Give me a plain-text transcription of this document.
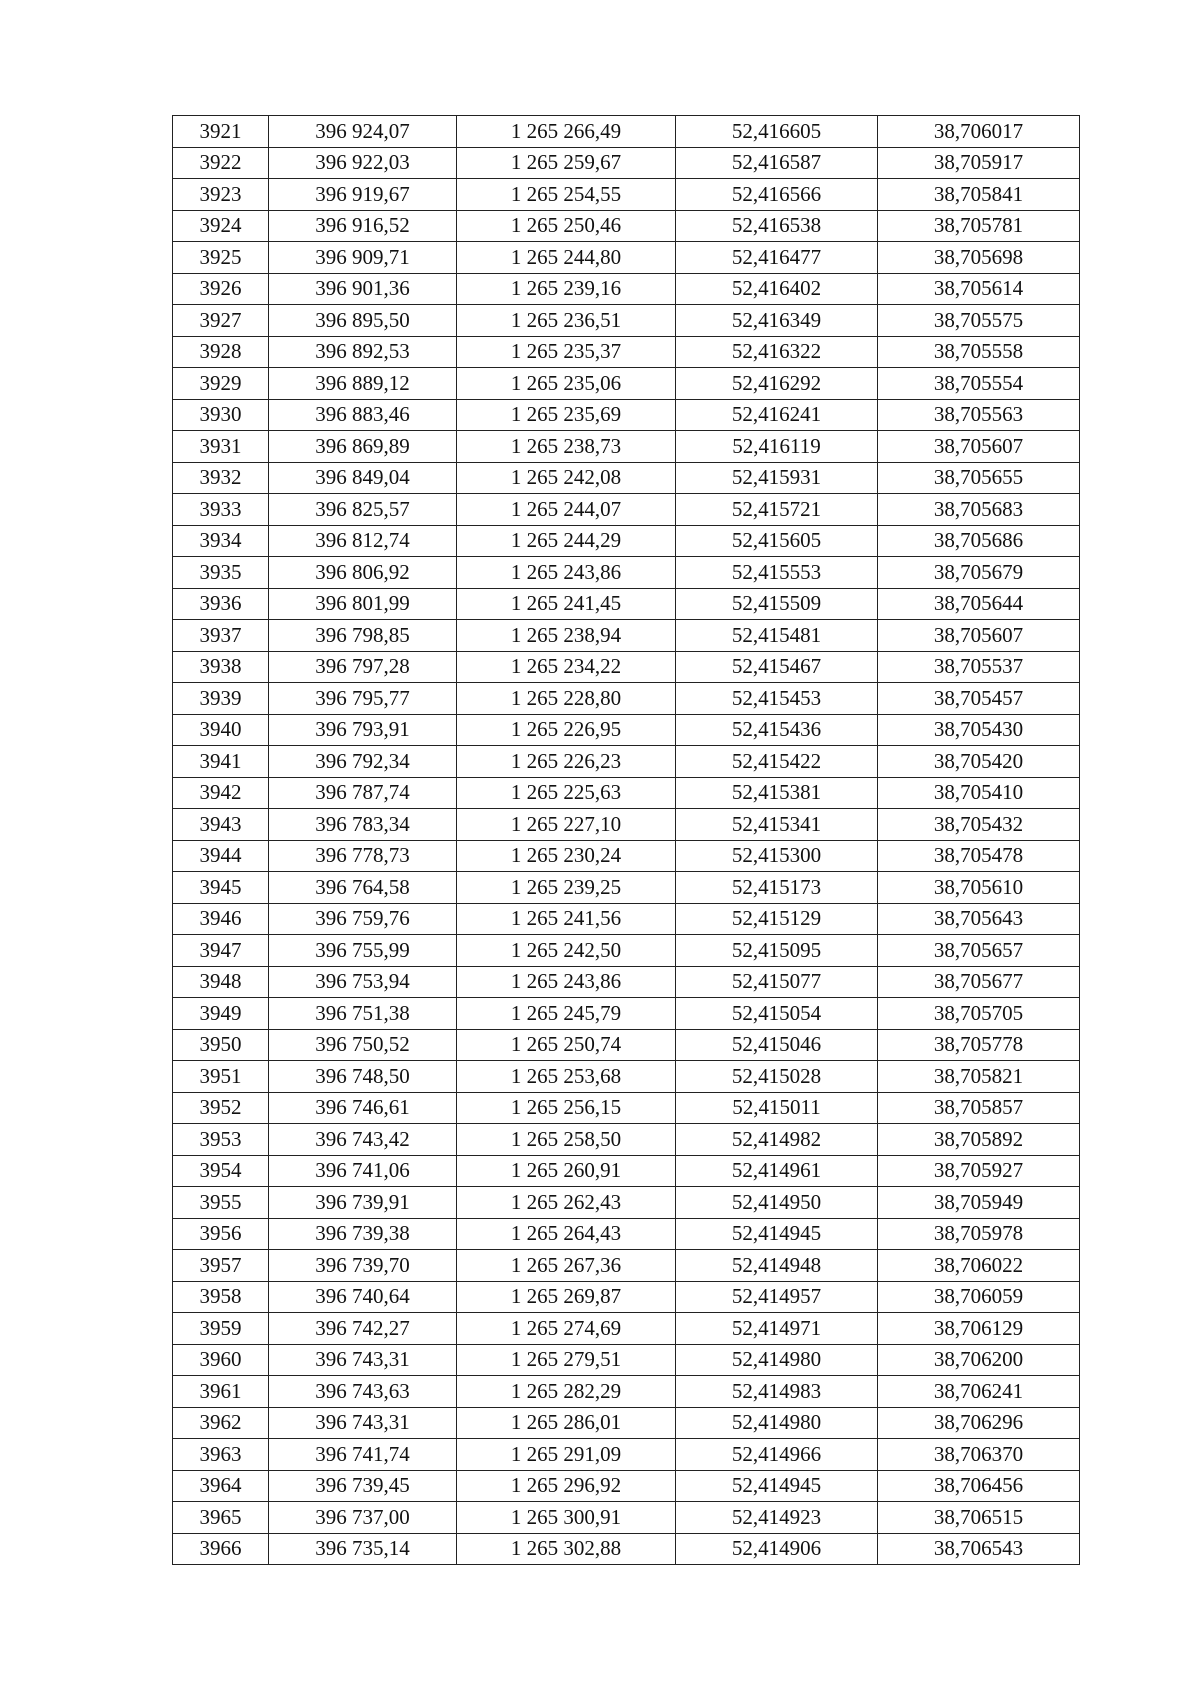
3921	396 924,07	1 265 266,49	52,416605	38,706017
3922	396 922,03	1 265 259,67	52,416587	38,705917
3923	396 919,67	1 265 254,55	52,416566	38,705841
3924	396 916,52	1 265 250,46	52,416538	38,705781
3925	396 909,71	1 265 244,80	52,416477	38,705698
3926	396 901,36	1 265 239,16	52,416402	38,705614
3927	396 895,50	1 265 236,51	52,416349	38,705575
3928	396 892,53	1 265 235,37	52,416322	38,705558
3929	396 889,12	1 265 235,06	52,416292	38,705554
3930	396 883,46	1 265 235,69	52,416241	38,705563
3931	396 869,89	1 265 238,73	52,416119	38,705607
3932	396 849,04	1 265 242,08	52,415931	38,705655
3933	396 825,57	1 265 244,07	52,415721	38,705683
3934	396 812,74	1 265 244,29	52,415605	38,705686
3935	396 806,92	1 265 243,86	52,415553	38,705679
3936	396 801,99	1 265 241,45	52,415509	38,705644
3937	396 798,85	1 265 238,94	52,415481	38,705607
3938	396 797,28	1 265 234,22	52,415467	38,705537
3939	396 795,77	1 265 228,80	52,415453	38,705457
3940	396 793,91	1 265 226,95	52,415436	38,705430
3941	396 792,34	1 265 226,23	52,415422	38,705420
3942	396 787,74	1 265 225,63	52,415381	38,705410
3943	396 783,34	1 265 227,10	52,415341	38,705432
3944	396 778,73	1 265 230,24	52,415300	38,705478
3945	396 764,58	1 265 239,25	52,415173	38,705610
3946	396 759,76	1 265 241,56	52,415129	38,705643
3947	396 755,99	1 265 242,50	52,415095	38,705657
3948	396 753,94	1 265 243,86	52,415077	38,705677
3949	396 751,38	1 265 245,79	52,415054	38,705705
3950	396 750,52	1 265 250,74	52,415046	38,705778
3951	396 748,50	1 265 253,68	52,415028	38,705821
3952	396 746,61	1 265 256,15	52,415011	38,705857
3953	396 743,42	1 265 258,50	52,414982	38,705892
3954	396 741,06	1 265 260,91	52,414961	38,705927
3955	396 739,91	1 265 262,43	52,414950	38,705949
3956	396 739,38	1 265 264,43	52,414945	38,705978
3957	396 739,70	1 265 267,36	52,414948	38,706022
3958	396 740,64	1 265 269,87	52,414957	38,706059
3959	396 742,27	1 265 274,69	52,414971	38,706129
3960	396 743,31	1 265 279,51	52,414980	38,706200
3961	396 743,63	1 265 282,29	52,414983	38,706241
3962	396 743,31	1 265 286,01	52,414980	38,706296
3963	396 741,74	1 265 291,09	52,414966	38,706370
3964	396 739,45	1 265 296,92	52,414945	38,706456
3965	396 737,00	1 265 300,91	52,414923	38,706515
3966	396 735,14	1 265 302,88	52,414906	38,706543
